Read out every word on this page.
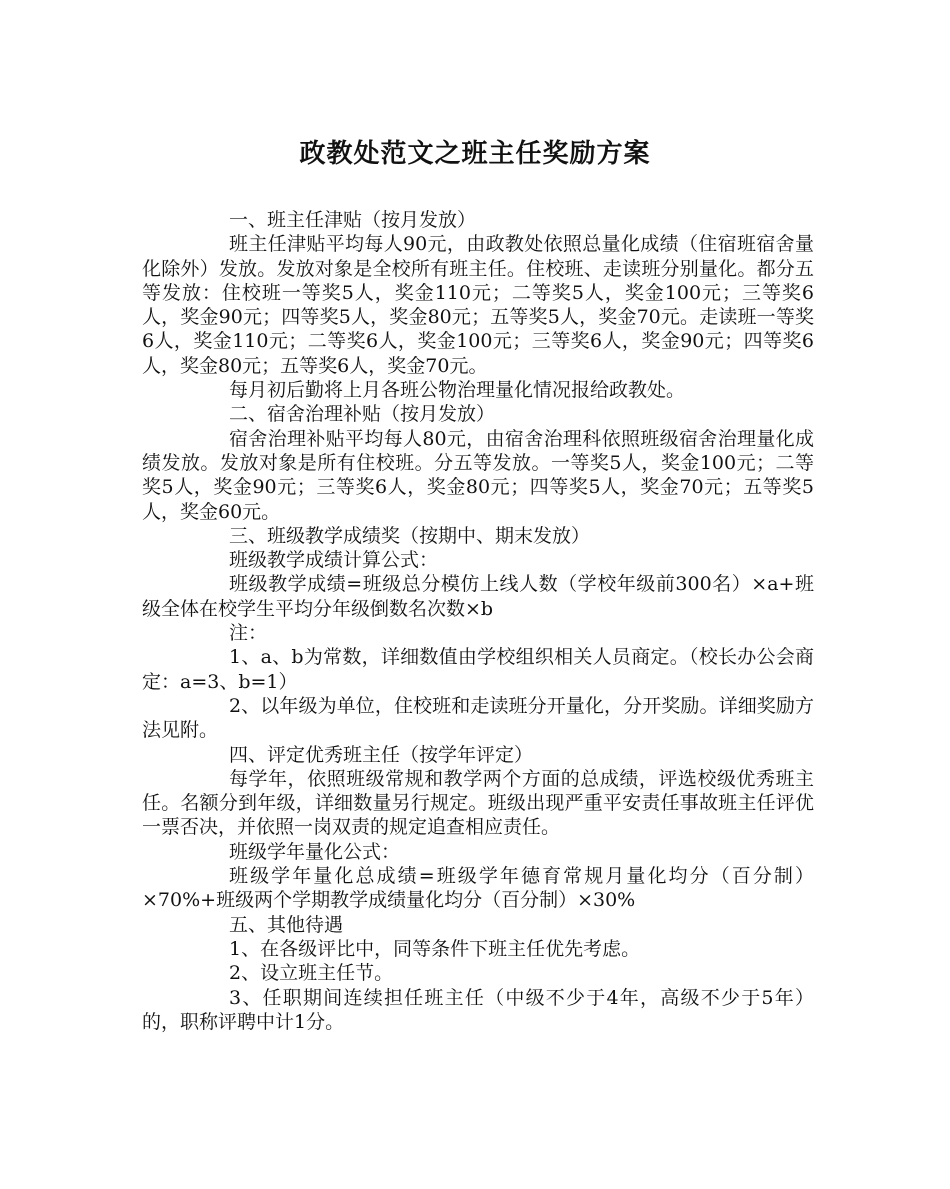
政教处范文之班主任奖励方案

一、班主任津贴（按月发放）

班主任津贴平均每人90元，由政教处依照总量化成绩（住宿班宿舍量化除外）发放。发放对象是全校所有班主任。住校班、走读班分别量化。都分五等发放：住校班一等奖5人，奖金110元；二等奖5人，奖金100元；三等奖6人，奖金90元；四等奖5人，奖金80元；五等奖5人，奖金70元。走读班一等奖6人，奖金110元；二等奖6人，奖金100元；三等奖6人，奖金90元；四等奖6人，奖金80元；五等奖6人，奖金70元。

每月初后勤将上月各班公物治理量化情况报给政教处。

二、宿舍治理补贴（按月发放）

宿舍治理补贴平均每人80元，由宿舍治理科依照班级宿舍治理量化成绩发放。发放对象是所有住校班。分五等发放。一等奖5人，奖金100元；二等奖5人，奖金90元；三等奖6人，奖金80元；四等奖5人，奖金70元；五等奖5人，奖金60元。

三、班级教学成绩奖（按期中、期末发放）

班级教学成绩计算公式：

班级教学成绩=班级总分模仿上线人数（学校年级前300名）×a+班级全体在校学生平均分年级倒数名次数×b

注：

1、a、b为常数，详细数值由学校组织相关人员商定。（校长办公会商定：a=3、b=1）

2、以年级为单位，住校班和走读班分开量化，分开奖励。详细奖励方法见附。

四、评定优秀班主任（按学年评定）

每学年，依照班级常规和教学两个方面的总成绩，评选校级优秀班主任。名额分到年级，详细数量另行规定。班级出现严重平安责任事故班主任评优一票否决，并依照一岗双责的规定追查相应责任。

班级学年量化公式：

班级学年量化总成绩=班级学年德育常规月量化均分（百分制）×70%+班级两个学期教学成绩量化均分（百分制）×30%

五、其他待遇

1、在各级评比中，同等条件下班主任优先考虑。

2、设立班主任节。

3、任职期间连续担任班主任（中级不少于4年，高级不少于5年）的，职称评聘中计1分。
